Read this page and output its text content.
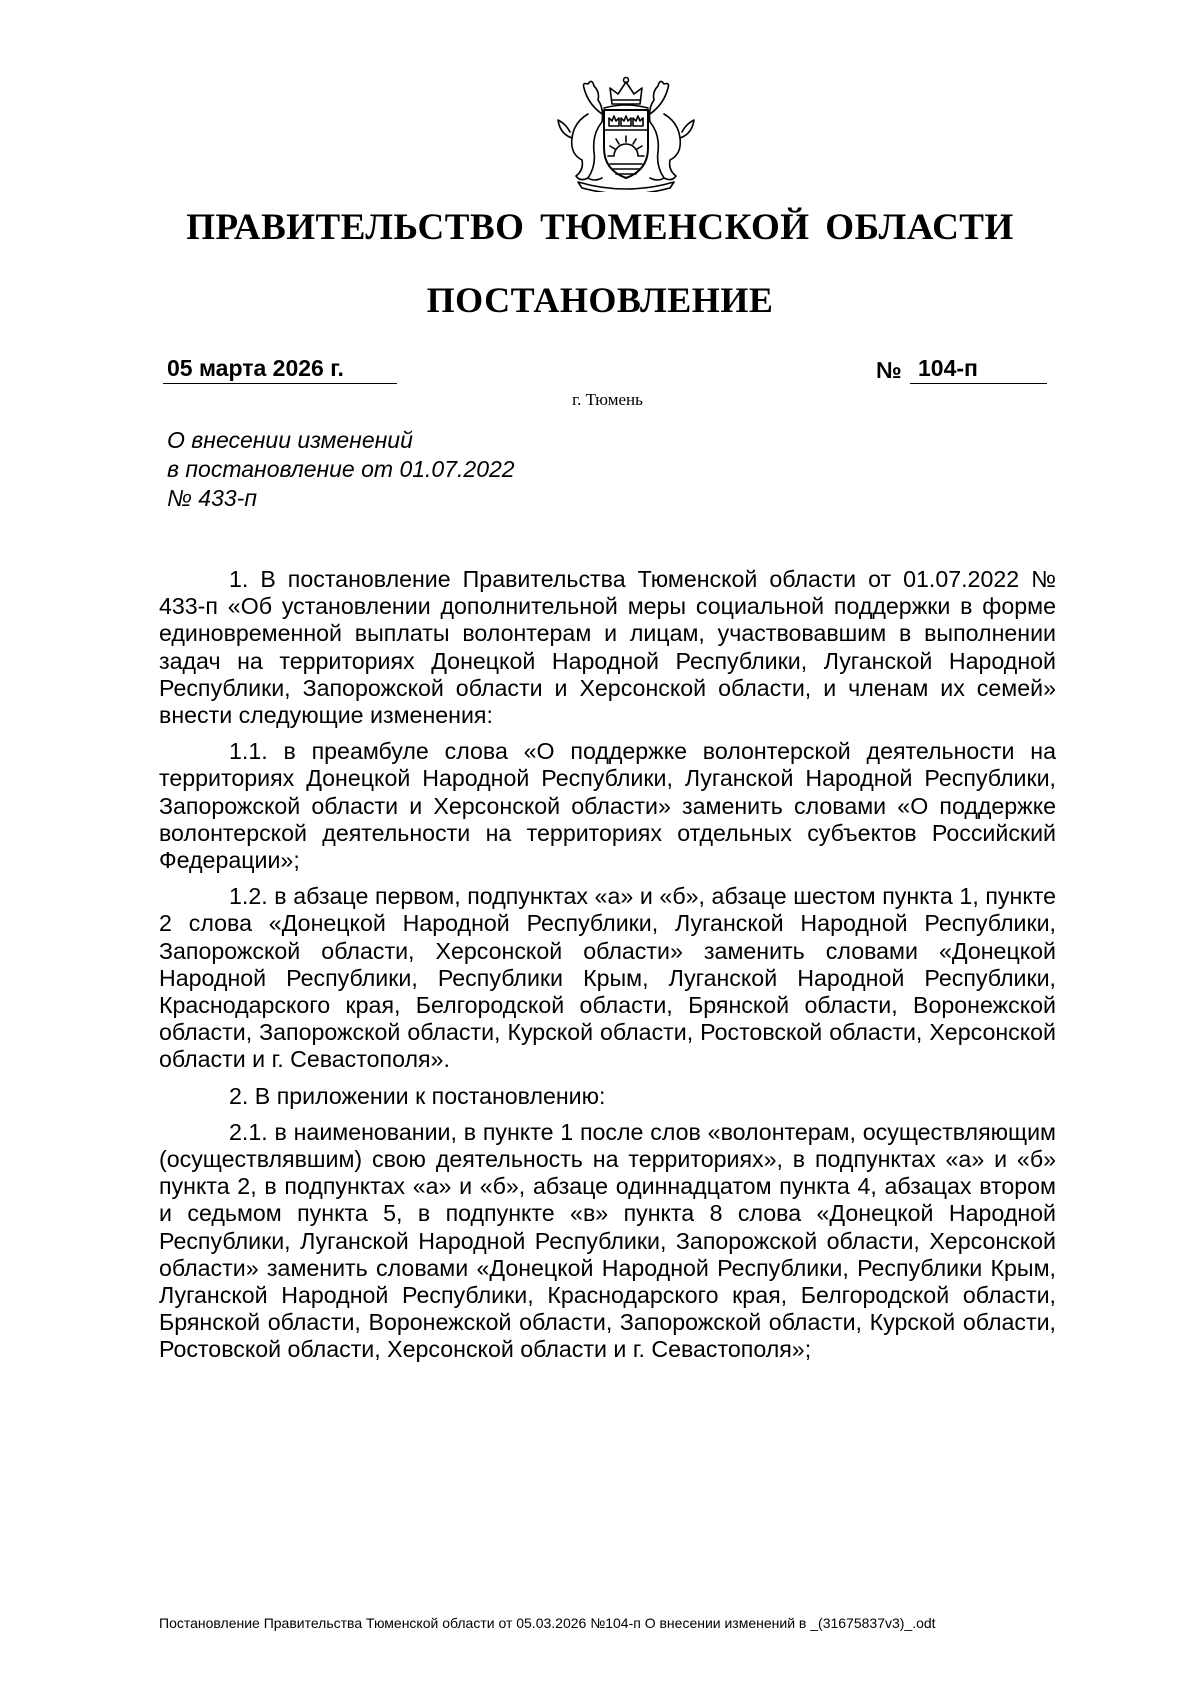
ПРАВИТЕЛЬСТВО ТЮМЕНСКОЙ ОБЛАСТИ
ПОСТАНОВЛЕНИЕ
05 марта 2026 г.	№ 104-п
г. Тюмень
О внесении изменений
в постановление от 01.07.2022
№ 433-п

1. В постановление Правительства Тюменской области от 01.07.2022 № 433-п «Об установлении дополнительной меры социальной поддержки в форме единовременной выплаты волонтерам и лицам, участвовавшим в выполнении задач на территориях Донецкой Народной Республики, Луганской Народной Республики, Запорожской области и Херсонской области, и членам их семей» внести следующие изменения:

1.1. в преамбуле слова «О поддержке волонтерской деятельности на территориях Донецкой Народной Республики, Луганской Народной Республики, Запорожской области и Херсонской области» заменить словами «О поддержке волонтерской деятельности на территориях отдельных субъектов Российский Федерации»;

1.2. в абзаце первом, подпунктах «а» и «б», абзаце шестом пункта 1, пункте 2 слова «Донецкой Народной Республики, Луганской Народной Республики, Запорожской области, Херсонской области» заменить словами «Донецкой Народной Республики, Республики Крым, Луганской Народной Республики, Краснодарского края, Белгородской области, Брянской области, Воронежской области, Запорожской области, Курской области, Ростовской области, Херсонской области и г. Севастополя».

2. В приложении к постановлению:

2.1. в наименовании, в пункте 1 после слов «волонтерам, осуществляющим (осуществлявшим) свою деятельность на территориях», в подпунктах «а» и «б» пункта 2, в подпунктах «а» и «б», абзаце одиннадцатом пункта 4, абзацах втором и седьмом пункта 5, в подпункте «в» пункта 8 слова «Донецкой Народной Республики, Луганской Народной Республики, Запорожской области, Херсонской области» заменить словами «Донецкой Народной Республики, Республики Крым, Луганской Народной Республики, Краснодарского края, Белгородской области, Брянской области, Воронежской области, Запорожской области, Курской области, Ростовской области, Херсонской области и г. Севастополя»;

Постановление Правительства Тюменской области от 05.03.2026 №104-п О внесении изменений в _(31675837v3)_.odt
